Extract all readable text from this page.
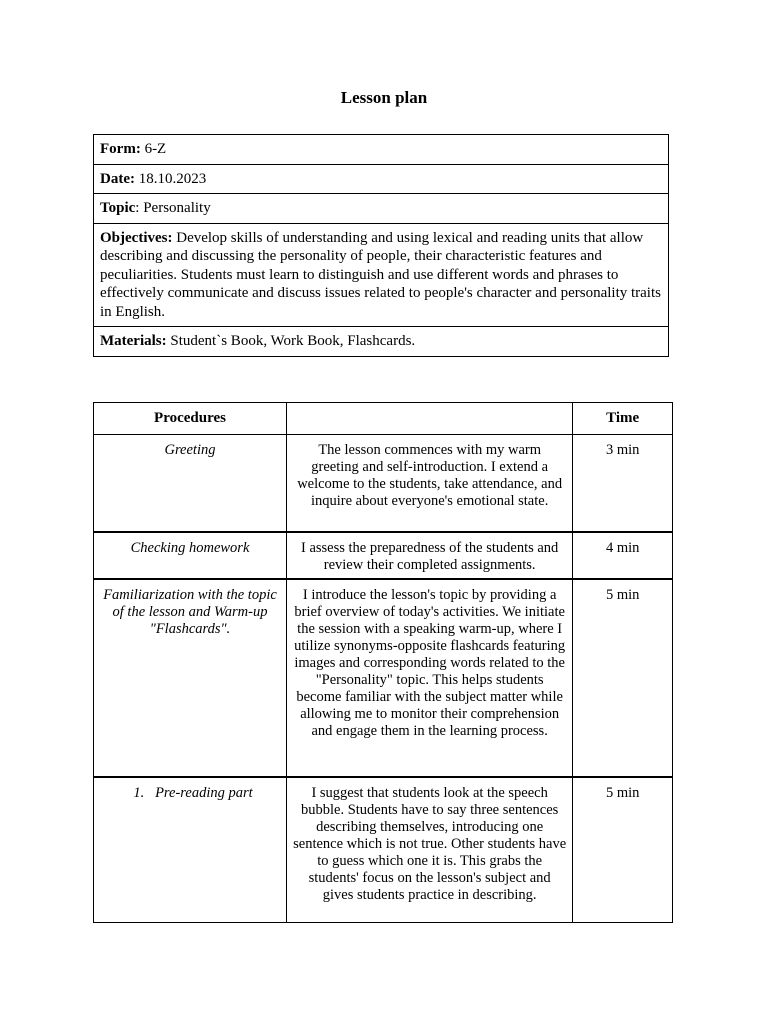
Lesson plan
Form: 6-Z
Date: 18.10.2023
Topic: Personality
Objectives: Develop skills of understanding and using lexical and reading units that allow describing and discussing the personality of people, their characteristic features and peculiarities. Students must learn to distinguish and use different words and phrases to effectively communicate and discuss issues related to people's character and personality traits in English.
Materials: Student`s Book, Work Book, Flashcards.
Procedures		Time
Greeting	The lesson commences with my warm greeting and self-introduction. I extend a welcome to the students, take attendance, and inquire about everyone's emotional state.	3 min
Checking homework	I assess the preparedness of the students and review their completed assignments.	4 min
Familiarization with the topic of the lesson and Warm-up "Flashcards".	I introduce the lesson's topic by providing a brief overview of today's activities. We initiate the session with a speaking warm-up, where I utilize synonyms-opposite flashcards featuring images and corresponding words related to the "Personality" topic. This helps students become familiar with the subject matter while allowing me to monitor their comprehension and engage them in the learning process.	5 min
1. Pre-reading part	I suggest that students look at the speech bubble. Students have to say three sentences describing themselves, introducing one sentence which is not true. Other students have to guess which one it is. This grabs the students' focus on the lesson's subject and gives students practice in describing.	5 min
